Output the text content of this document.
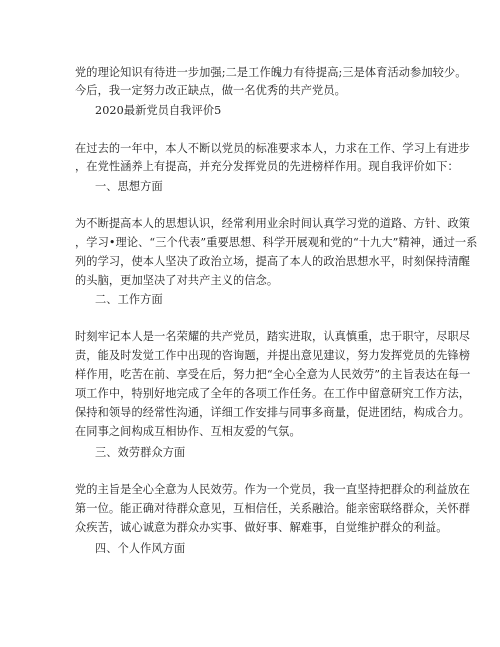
党的理论知识有待进一步加强;二是工作魄力有待提高;三是体育活动参加较少。
今后，我一定努力改正缺点，做一名优秀的共产党员。
2020最新党员自我评价5
在过去的一年中，本人不断以党员的标准要求本人，力求在工作、学习上有进步
，在党性涵养上有提高，并充分发挥党员的先进榜样作用。现自我评价如下：
一、思想方面
为不断提高本人的思想认识，经常利用业余时间认真学习党的道路、方针、政策
，学习•理论、“三个代表”重要思想、科学开展观和党的“十九大”精神，通过一系
列的学习，使本人坚决了政治立场，提高了本人的政治思想水平，时刻保持清醒
的头脑，更加坚决了对共产主义的信念。
二、工作方面
时刻牢记本人是一名荣耀的共产党员，踏实进取，认真慎重，忠于职守，尽职尽
责，能及时发觉工作中出现的咨询题，并提出意见建议，努力发挥党员的先锋榜
样作用，吃苦在前、享受在后，努力把“全心全意为人民效劳”的主旨表达在每一
项工作中，特别好地完成了全年的各项工作任务。在工作中留意研究工作方法，
保持和领导的经常性沟通，详细工作安排与同事多商量，促进团结，构成合力。
在同事之间构成互相协作、互相友爱的气氛。
三、效劳群众方面
党的主旨是全心全意为人民效劳。作为一个党员，我一直坚持把群众的利益放在
第一位。能正确对待群众意见，互相信任，关系融洽。能亲密联络群众，关怀群
众疾苦，诚心诚意为群众办实事、做好事、解难事，自觉维护群众的利益。
四、个人作风方面
